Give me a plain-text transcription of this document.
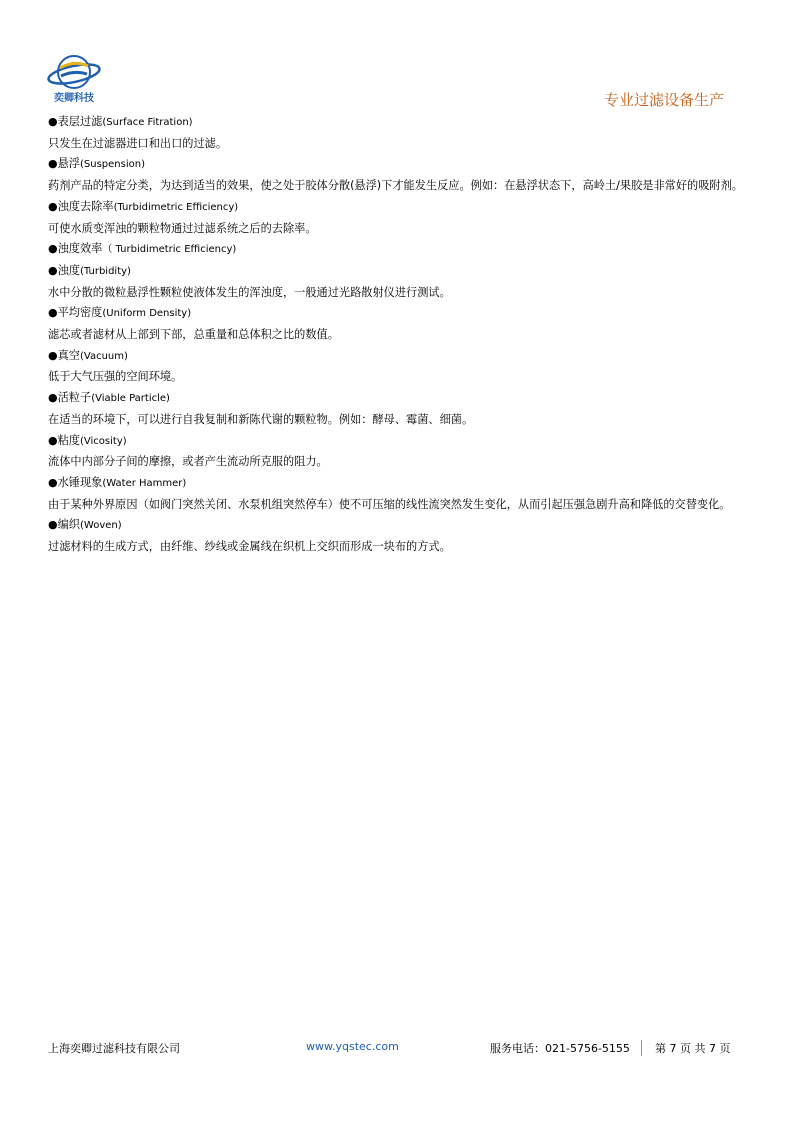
奕卿科技	专业过滤设备生产

●表层过滤(Surface Fitration)

只发生在过滤器进口和出口的过滤。

●悬浮(Suspension)

药剂产品的特定分类，为达到适当的效果，使之处于胶体分散(悬浮)下才能发生反应。例如：在悬浮状态下，高岭土/果胶是非常好的吸附剂。

●浊度去除率(Turbidimetric Efficiency)

可使水质变浑浊的颗粒物通过过滤系统之后的去除率。

●浊度效率（ Turbidimetric Efficiency)

●浊度(Turbidity)

水中分散的微粒悬浮性颗粒使液体发生的浑浊度，一般通过光路散射仪进行测试。

●平均密度(Uniform Density)

滤芯或者滤材从上部到下部，总重量和总体积之比的数值。

●真空(Vacuum)

低于大气压强的空间环境。

●活粒子(Viable Particle)

在适当的环境下，可以进行自我复制和新陈代谢的颗粒物。例如：酵母、霉菌、细菌。

●粘度(Vicosity)

流体中内部分子间的摩擦，或者产生流动所克服的阻力。

●水锤现象(Water Hammer)

由于某种外界原因（如阀门突然关闭、水泵机组突然停车）使不可压缩的线性流突然发生变化，从而引起压强急剧升高和降低的交替变化。

●编织(Woven)

过滤材料的生成方式，由纤维、纱线或金属线在织机上交织而形成一块布的方式。

上海奕卿过滤科技有限公司	www.yqstec.com	服务电话：021-5756-5155 第 7 页 共 7 页
